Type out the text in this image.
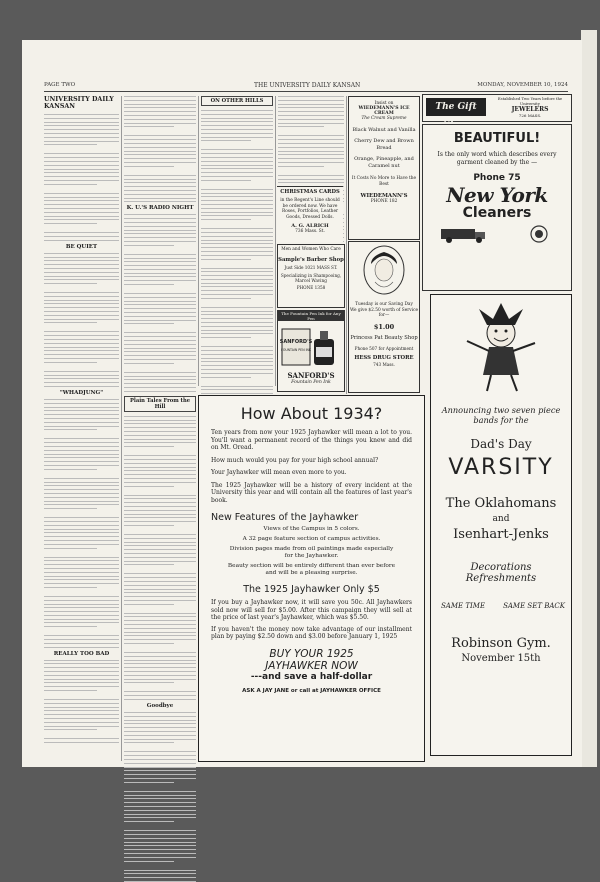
PAGE TWO	THE UNIVERSITY DAILY KANSAN	MONDAY, NOVEMBER 10, 1924
UNIVERSITY DAILY KANSAN
BE QUIET
"WHADJUNG"
REALLY TOO BAD
K. U.'S RADIO NIGHT
Plain Tales From the Hill
Goodbye
ON OTHER HILLS
CHRISTMAS CARDS
in the Regent's Line should be ordered now. We have Roses, Portfolios, Leather Goods, Dressed Dolls.
A. G. ALRICH
736 Mass. St.
Men and Women Who Care
Sample's Barber Shop
Just Side 1021 MASS ST.
Specializing in Shampooing, Marcel Waving
PHONE 1358
The Fountain Pen Ink for Any Pen
SANFORD'S
FOUNTAIN PEN INK
SANFORD'S
Fountain Pen Ink
Insist on
WIEDEMANN'S ICE CREAM
The Cream Supreme
Black Walnut and Vanilla
Cherry Dew and Brown Bread
Orange, Pineapple, and Caramel nut
It Costs No More to Have the Best
WIEDEMANN'S
PHONE 182
Tuesday is our Saving Day
We give $2.50 worth of Service for—
$1.00
Princess Pat Beauty Shop
Phone 507 for Appointment
HESS DRUG STORE
743 Mass.
The Gift
Established Two Years before the University
JEWELERS
726 MASS.
BEAUTIFUL!
Is the only word which describes every garment cleaned by the —
Phone 75
New York
Cleaners
How About 1934?
Ten years from now your 1925 Jayhawker will mean a lot to you. You'll want a permanent record of the things you knew and did on Mt. Oread.
How much would you pay for your high school annual?
Your Jayhawker will mean even more to you.
The 1925 Jayhawker will be a history of every incident at the University this year and will contain all the features of last year's book.
New Features of the Jayhawker
Views of the Campus in 5 colors.
A 32 page feature section of campus activities.
Division pages made from oil paintings made especially for the Jayhawker.
Beauty section will be entirely different than ever before and will be a pleasing surprise.
The 1925 Jayhawker Only $5
If you buy a Jayhawker now, it will save you 50c. All Jayhawkers sold now will sell for $5.00. After this campaign they will sell at the price of last year's Jayhawker, which was $5.50.
If you haven't the money now take advantage of our installment plan by paying $2.50 down and $3.00 before January 1, 1925
BUY YOUR 1925
JAYHAWKER NOW
---and save a half-dollar
ASK A JAY JANE or call at JAYHAWKER OFFICE
Announcing two seven piece bands for the
Dad's Day
VARSITY
The Oklahomans
and
Isenhart-Jenks
Decorations
Refreshments
SAME TIME	SAME SET BACK
Robinson Gym.
November 15th
